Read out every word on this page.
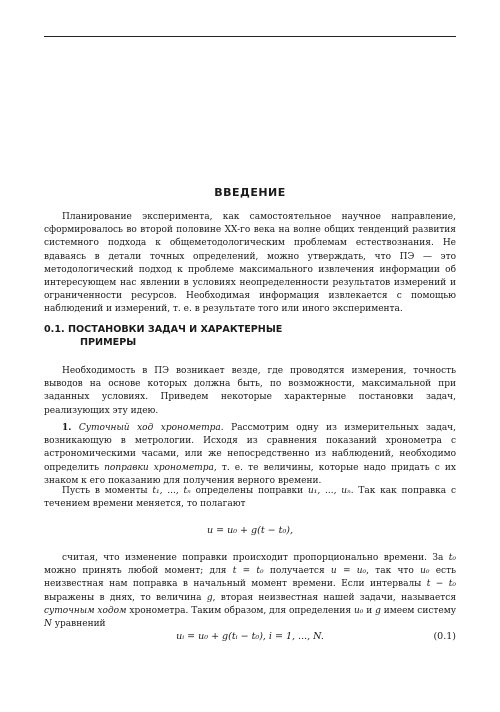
ВВЕДЕНИЕ

Планирование эксперимента, как самостоятельное научное направление, сформировалось во второй половине XX-го века на волне общих тенденций развития системного подхода к общеметодологическим проблемам естествознания. Не вдаваясь в детали точных определений, можно утверждать, что ПЭ — это методологический подход к проблеме максимального извлечения информации об интересующем нас явлении в условиях неопределенности результатов измерений и ограниченности ресурсов. Необходимая информация извлекается с помощью наблюдений и измерений, т. е. в результате того или иного эксперимента.

0.1. ПОСТАНОВКИ ЗАДАЧ И ХАРАКТЕРНЫЕ
ПРИМЕРЫ

Необходимость в ПЭ возникает везде, где проводятся измерения, точность выводов на основе которых должна быть, по возможности, максимальной при заданных условиях. Приведем некоторые характерные постановки задач, реализующих эту идею.

1. Суточный ход хронометра. Рассмотрим одну из измерительных задач, возникающую в метрологии. Исходя из сравнения показаний хронометра с астрономическими часами, или же непосредственно из наблюдений, необходимо определить поправки хронометра, т. е. те величины, которые надо придать с их знаком к его показанию для получения верного времени.

Пусть в моменты t₁, ..., tₙ определены поправки u₁, ..., uₙ. Так как поправка с течением времени меняется, то полагают

u = u₀ + g(t − t₀),

считая, что изменение поправки происходит пропорционально времени. За t₀ можно принять любой момент; для t = t₀ получается u = u₀, так что u₀ есть неизвестная нам поправка в начальный момент времени. Если интервалы t − t₀ выражены в днях, то величина g, вторая неизвестная нашей задачи, называется суточным ходом хронометра. Таким образом, для определения u₀ и g имеем систему N уравнений

uᵢ = u₀ + g(tᵢ − t₀), i = 1, ..., N.	(0.1)
